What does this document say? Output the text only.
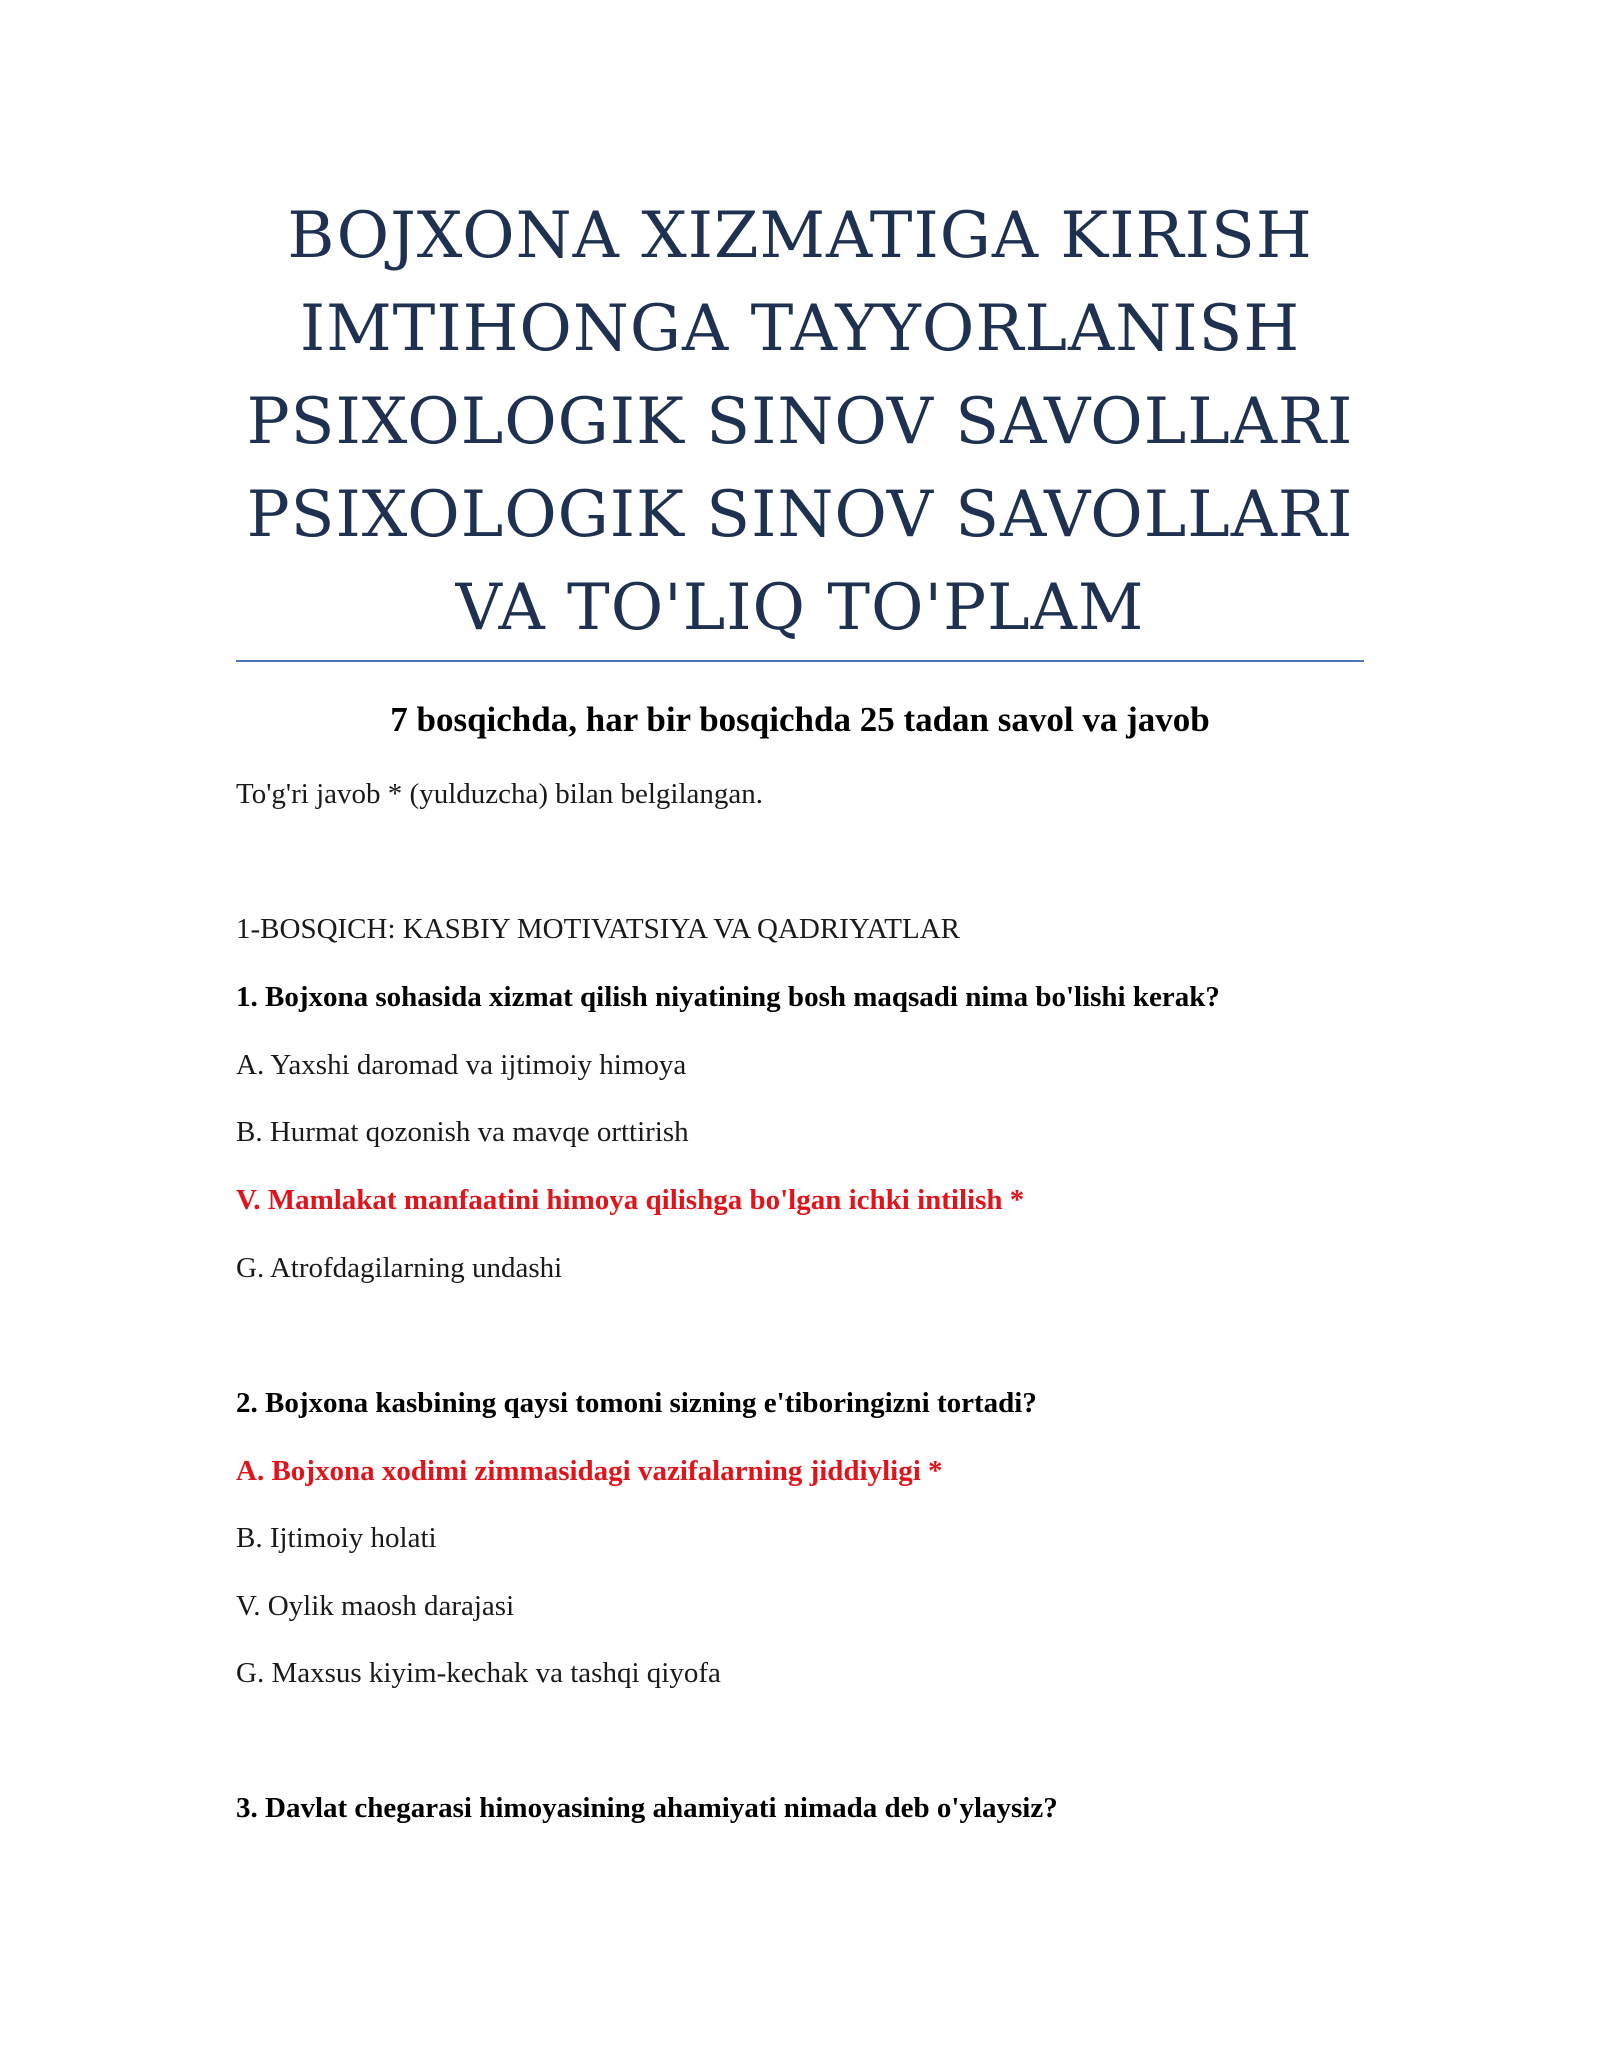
BOJXONA XIZMATIGA KIRISH
IMTIHONGA TAYYORLANISH
PSIXOLOGIK SINOV SAVOLLARI
PSIXOLOGIK SINOV SAVOLLARI
VA TO'LIQ TO'PLAM
7 bosqichda, har bir bosqichda 25 tadan savol va javob
To'g'ri javob * (yulduzcha) bilan belgilangan.
1-BOSQICH: KASBIY MOTIVATSIYA VA QADRIYATLAR
1. Bojxona sohasida xizmat qilish niyatining bosh maqsadi nima bo'lishi kerak?
A. Yaxshi daromad va ijtimoiy himoya
B. Hurmat qozonish va mavqe orttirish
V. Mamlakat manfaatini himoya qilishga bo'lgan ichki intilish *
G. Atrofdagilarning undashi
2. Bojxona kasbining qaysi tomoni sizning e'tiboringizni tortadi?
A. Bojxona xodimi zimmasidagi vazifalarning jiddiyligi *
B. Ijtimoiy holati
V. Oylik maosh darajasi
G. Maxsus kiyim-kechak va tashqi qiyofa
3. Davlat chegarasi himoyasining ahamiyati nimada deb o'ylaysiz?
